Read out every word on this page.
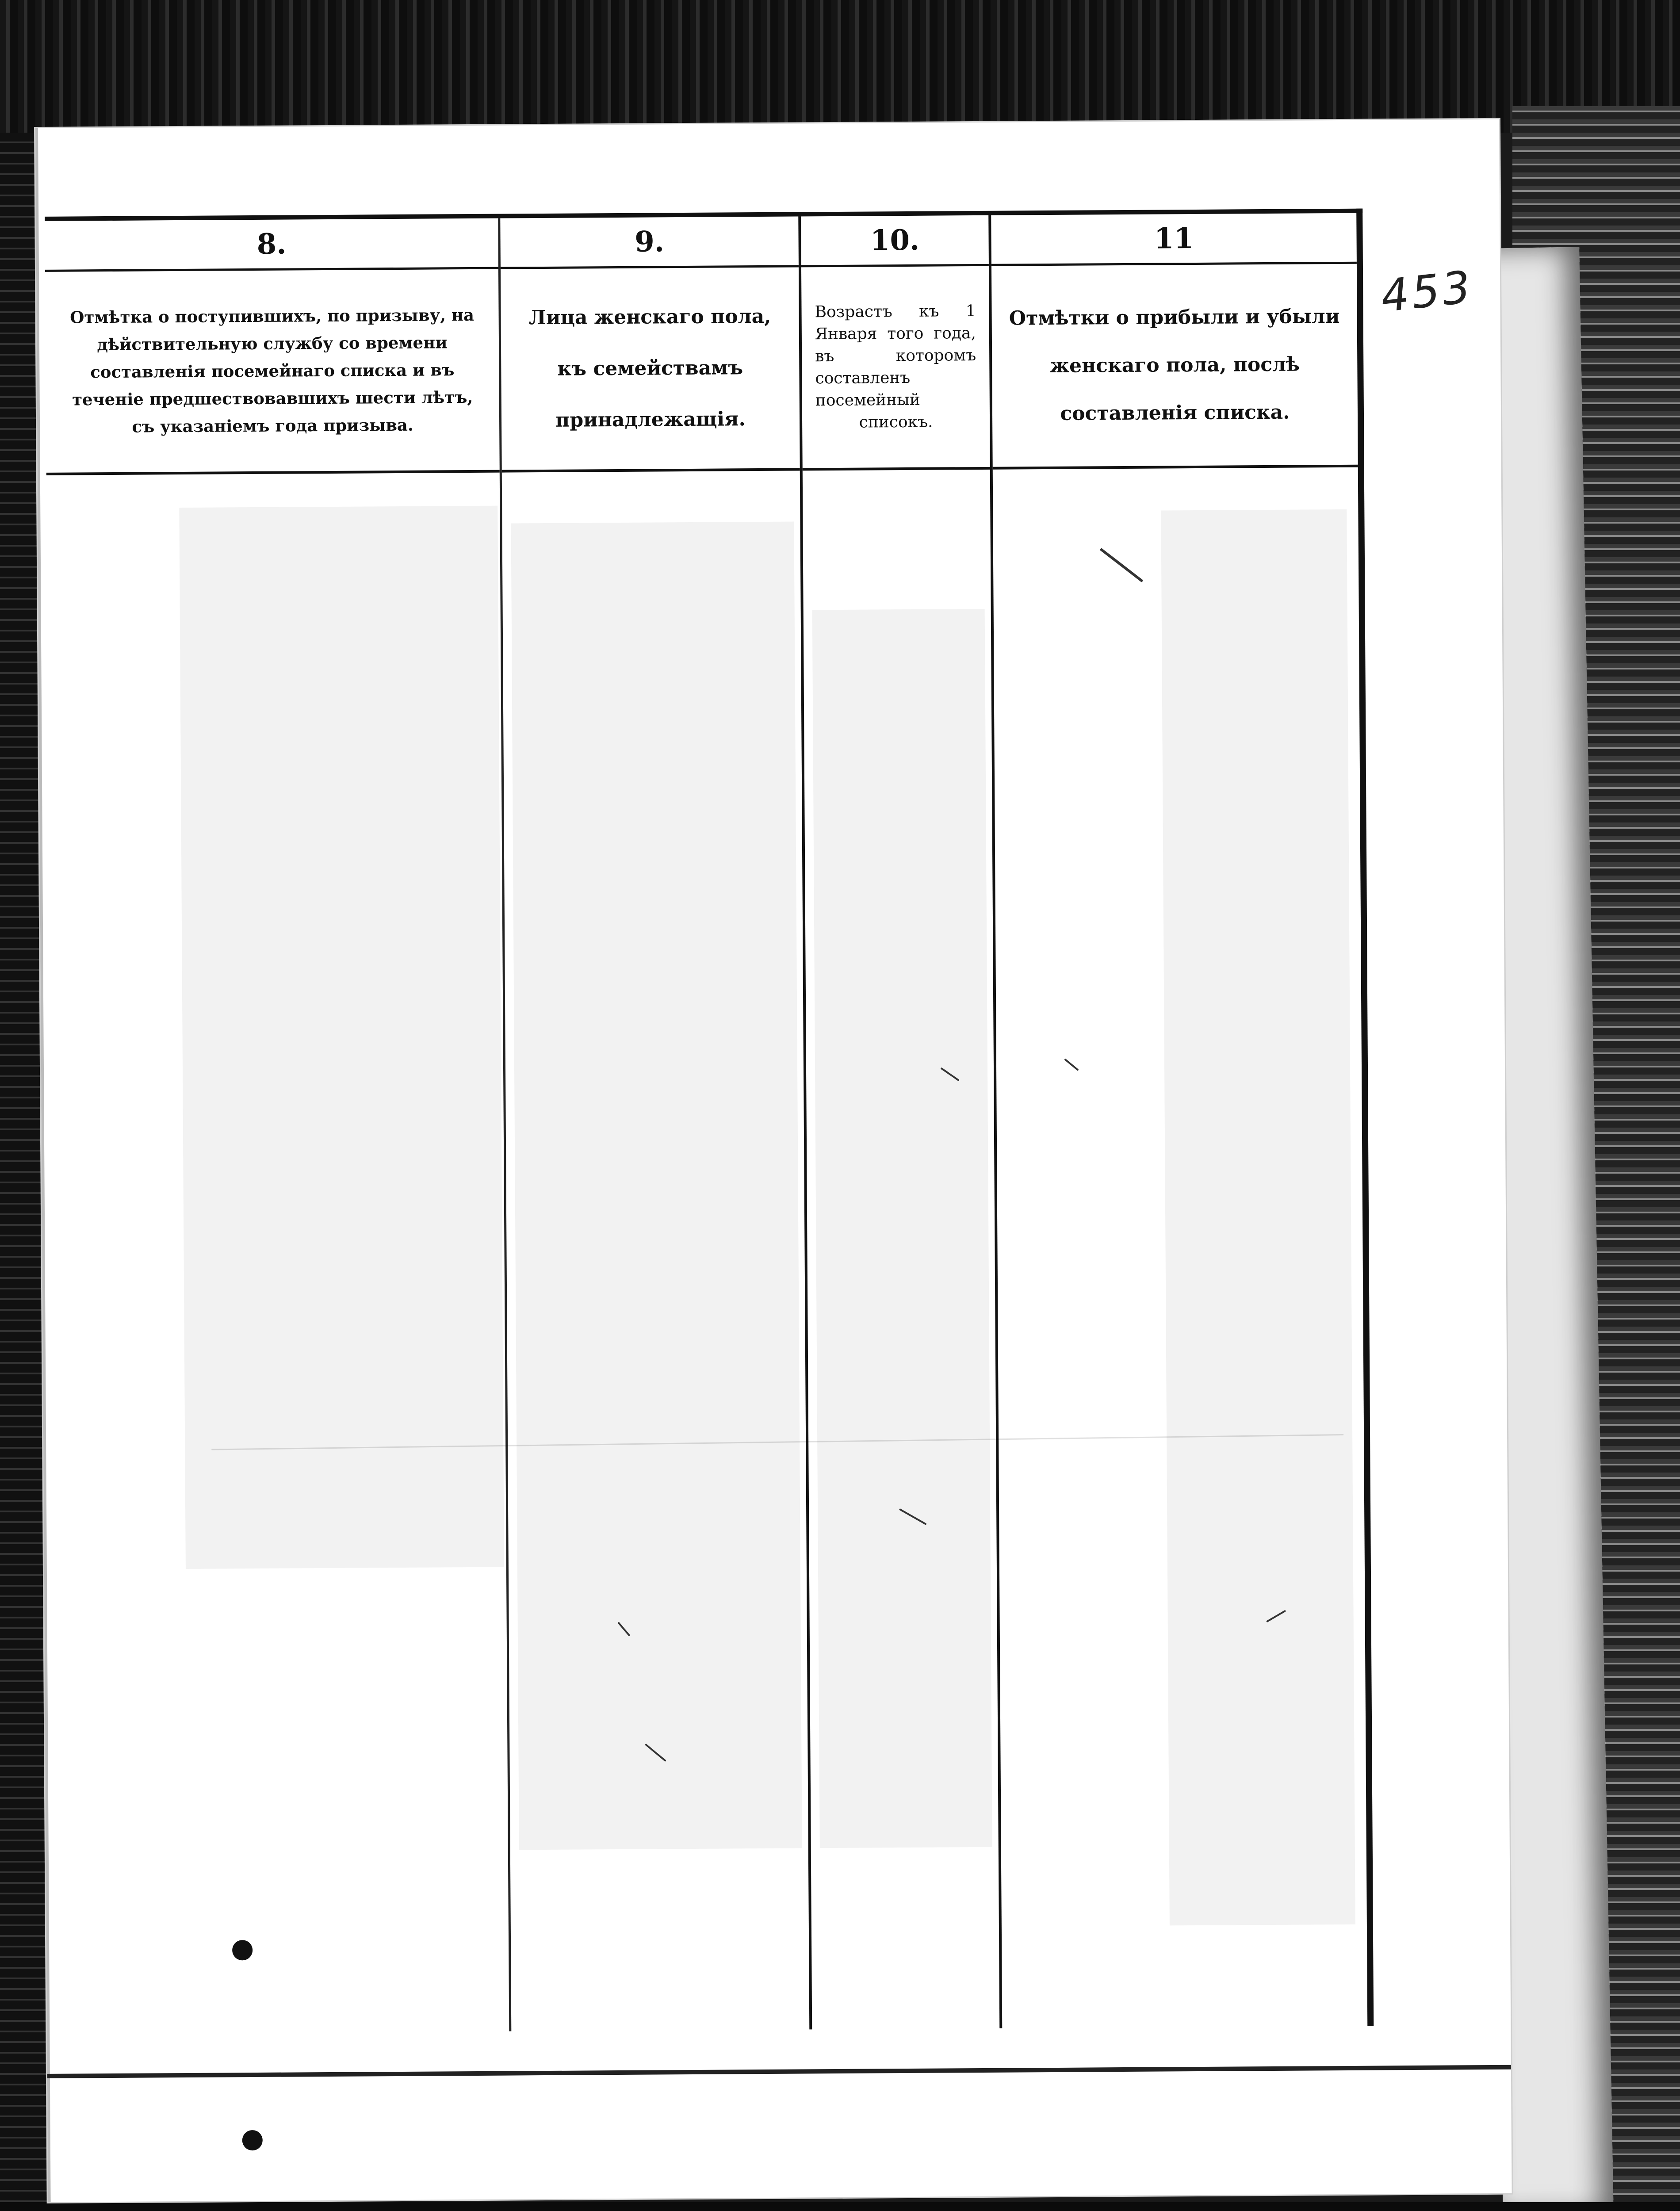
453
8.
Отмѣтка о поступившихъ, по призыву, на дѣйствительную службу со времени составленія посемейнаго списка и въ теченіе предшествовавшихъ шести лѣтъ, съ указаніемъ года призыва.
9.
Лица женскаго пола, къ семействамъ принадлежащія.
10.
Возрастъ къ 1 Января того года, въ которомъ составленъ посемейный списокъ.
11
Отмѣтки о прибыли и убыли женскаго пола, послѣ составленія списка.
